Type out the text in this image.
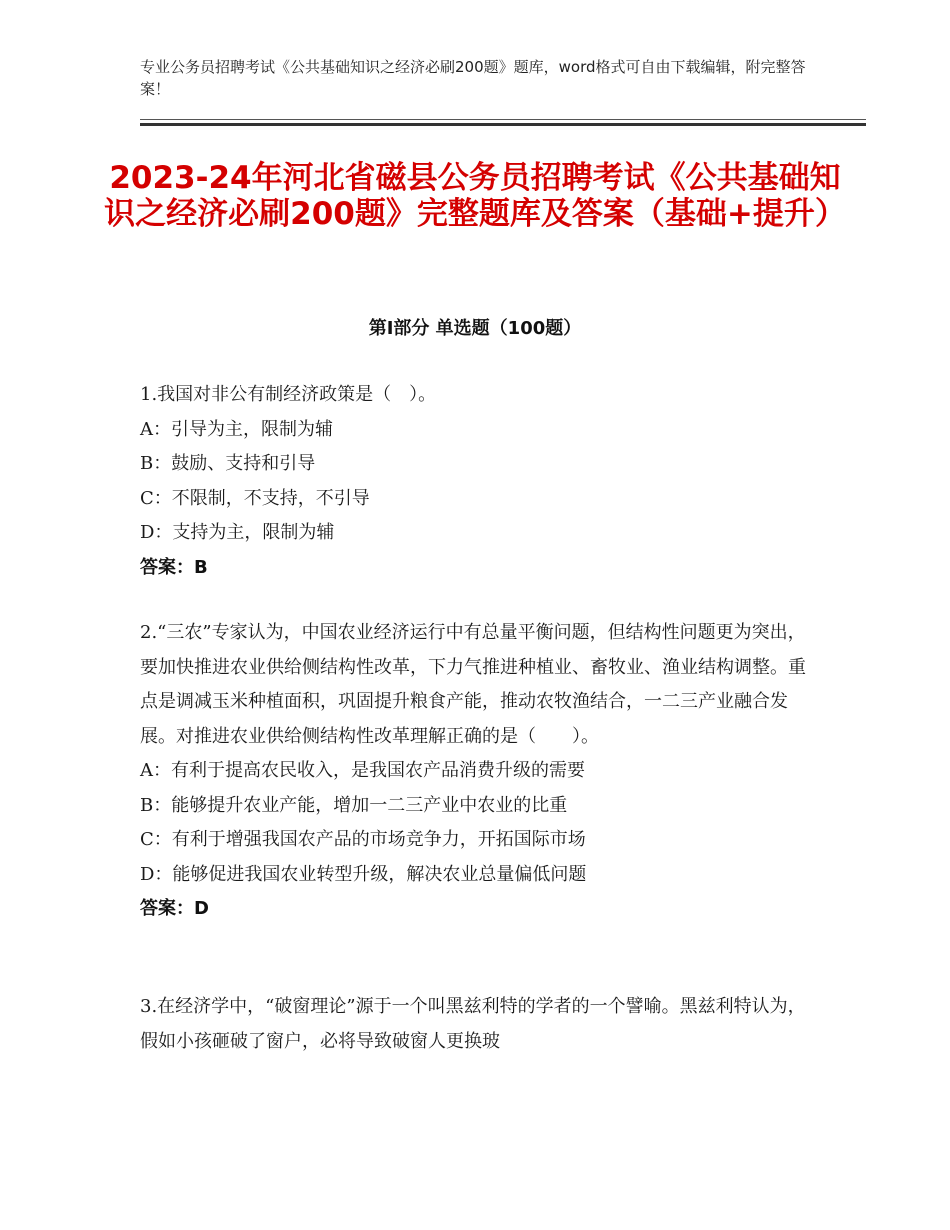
专业公务员招聘考试《公共基础知识之经济必刷200题》题库，word格式可自由下载编辑，附完整答案！
2023-24年河北省磁县公务员招聘考试《公共基础知识之经济必刷200题》完整题库及答案（基础+提升）
第Ⅰ部分 单选题（100题）
1.我国对非公有制经济政策是（　）。
A：引导为主，限制为辅
B：鼓励、支持和引导
C：不限制，不支持，不引导
D：支持为主，限制为辅
答案：B
2.“三农”专家认为，中国农业经济运行中有总量平衡问题，但结构性问题更为突出，要加快推进农业供给侧结构性改革，下力气推进种植业、畜牧业、渔业结构调整。重点是调减玉米种植面积，巩固提升粮食产能，推动农牧渔结合，一二三产业融合发展。对推进农业供给侧结构性改革理解正确的是（　　）。
A：有利于提高农民收入，是我国农产品消费升级的需要
B：能够提升农业产能，增加一二三产业中农业的比重
C：有利于增强我国农产品的市场竞争力，开拓国际市场
D：能够促进我国农业转型升级，解决农业总量偏低问题
答案：D
3.在经济学中，“破窗理论”源于一个叫黑兹利特的学者的一个譬喻。黑兹利特认为，假如小孩砸破了窗户，必将导致破窗人更换玻
